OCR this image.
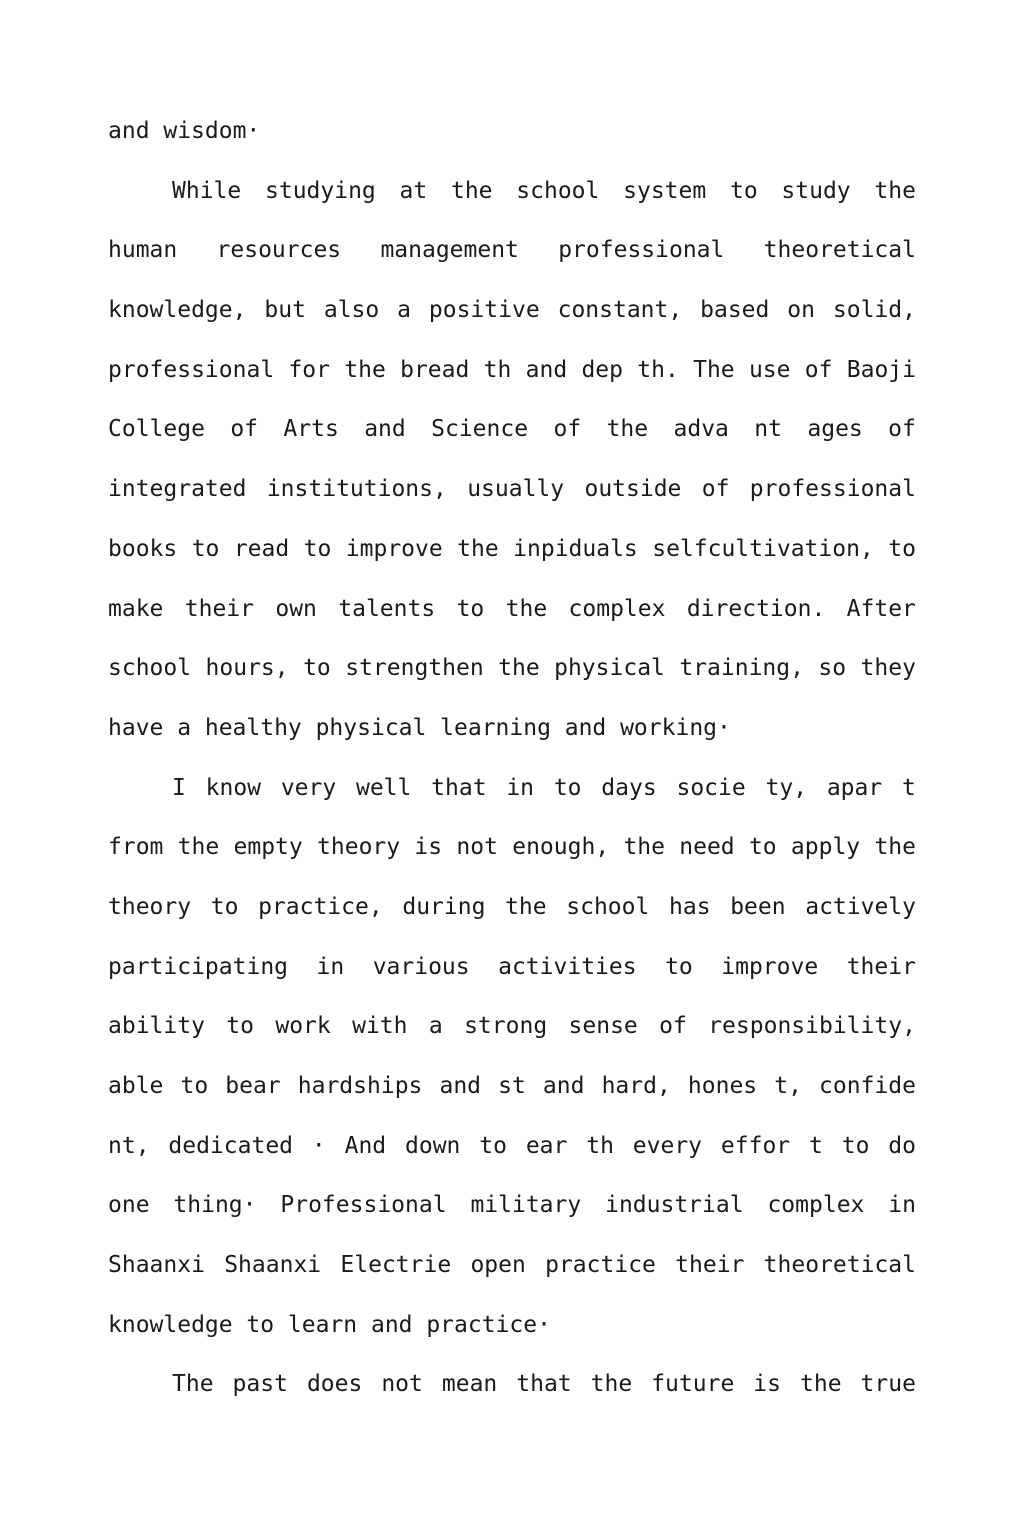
and wisdom·
While studying at the school system to study the
human resources management professional theoretical
knowledge, but also a positive constant, based on solid,
professional for the bread th and dep th. The use of Baoji
College of Arts and Science of the adva nt ages of
integrated institutions, usually outside of professional
books to read to improve the inpiduals selfcultivation, to
make their own talents to the complex direction. After
school hours, to strengthen the physical training, so they
have a healthy physical learning and working·
I know very well that in to days socie ty, apar t
from the empty theory is not enough, the need to apply the
theory to practice, during the school has been actively
participating in various activities to improve their
ability to work with a strong sense of responsibility,
able to bear hardships and st and hard, hones t, confide
nt, dedicated · And down to ear th every effor t to do
one thing· Professional military industrial complex in
Shaanxi Shaanxi Electrie open practice their theoretical
knowledge to learn and practice·
The past does not mean that the future is the true
